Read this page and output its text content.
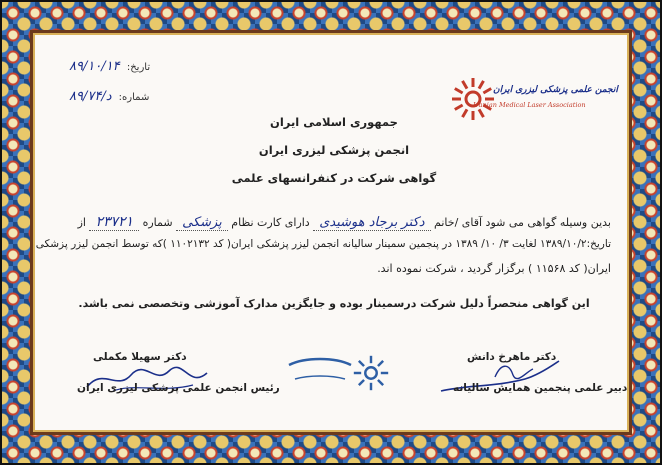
تاریخ: ۸۹/۱۰/۱۴
شماره: د/۸۹/۷۴	انجمن علمی پزشکی لیزری ایران
Iranian Medical Laser Association
جمهوری اسلامی ایران
انجمن پزشکی لیزری ایران
گواهی شرکت در کنفرانسهای علمی
بدین وسیله گواهی می شود آقای /خانم دکتر برجاد هوشیدی دارای کارت نظام پزشکی شماره ۲۳۷۲۱ از
تاریخ:۱۳۸۹/۱۰/۲ لغایت ۳/ ۱۰/ ۱۳۸۹ در پنجمین سمینار سالیانه انجمن لیزر پزشکی ایران( کد ۱۱۰۲۱۳۲ )که توسط انجمن لیزر پزشکی
ایران( کد ۱۱۵۶۸ ) برگزار گردید ، شرکت نموده اند.
این گواهی منحصراً دلیل شرکت درسمینار بوده و جایگزین مدارک آموزشی وتخصصی نمی باشد.
دکتر سهیلا مکملی
رئیس انجمن علمی پزشکی لیزری ایران
دکتر ماهرخ دانش
دبیر علمی پنجمین همایش سالیانه
